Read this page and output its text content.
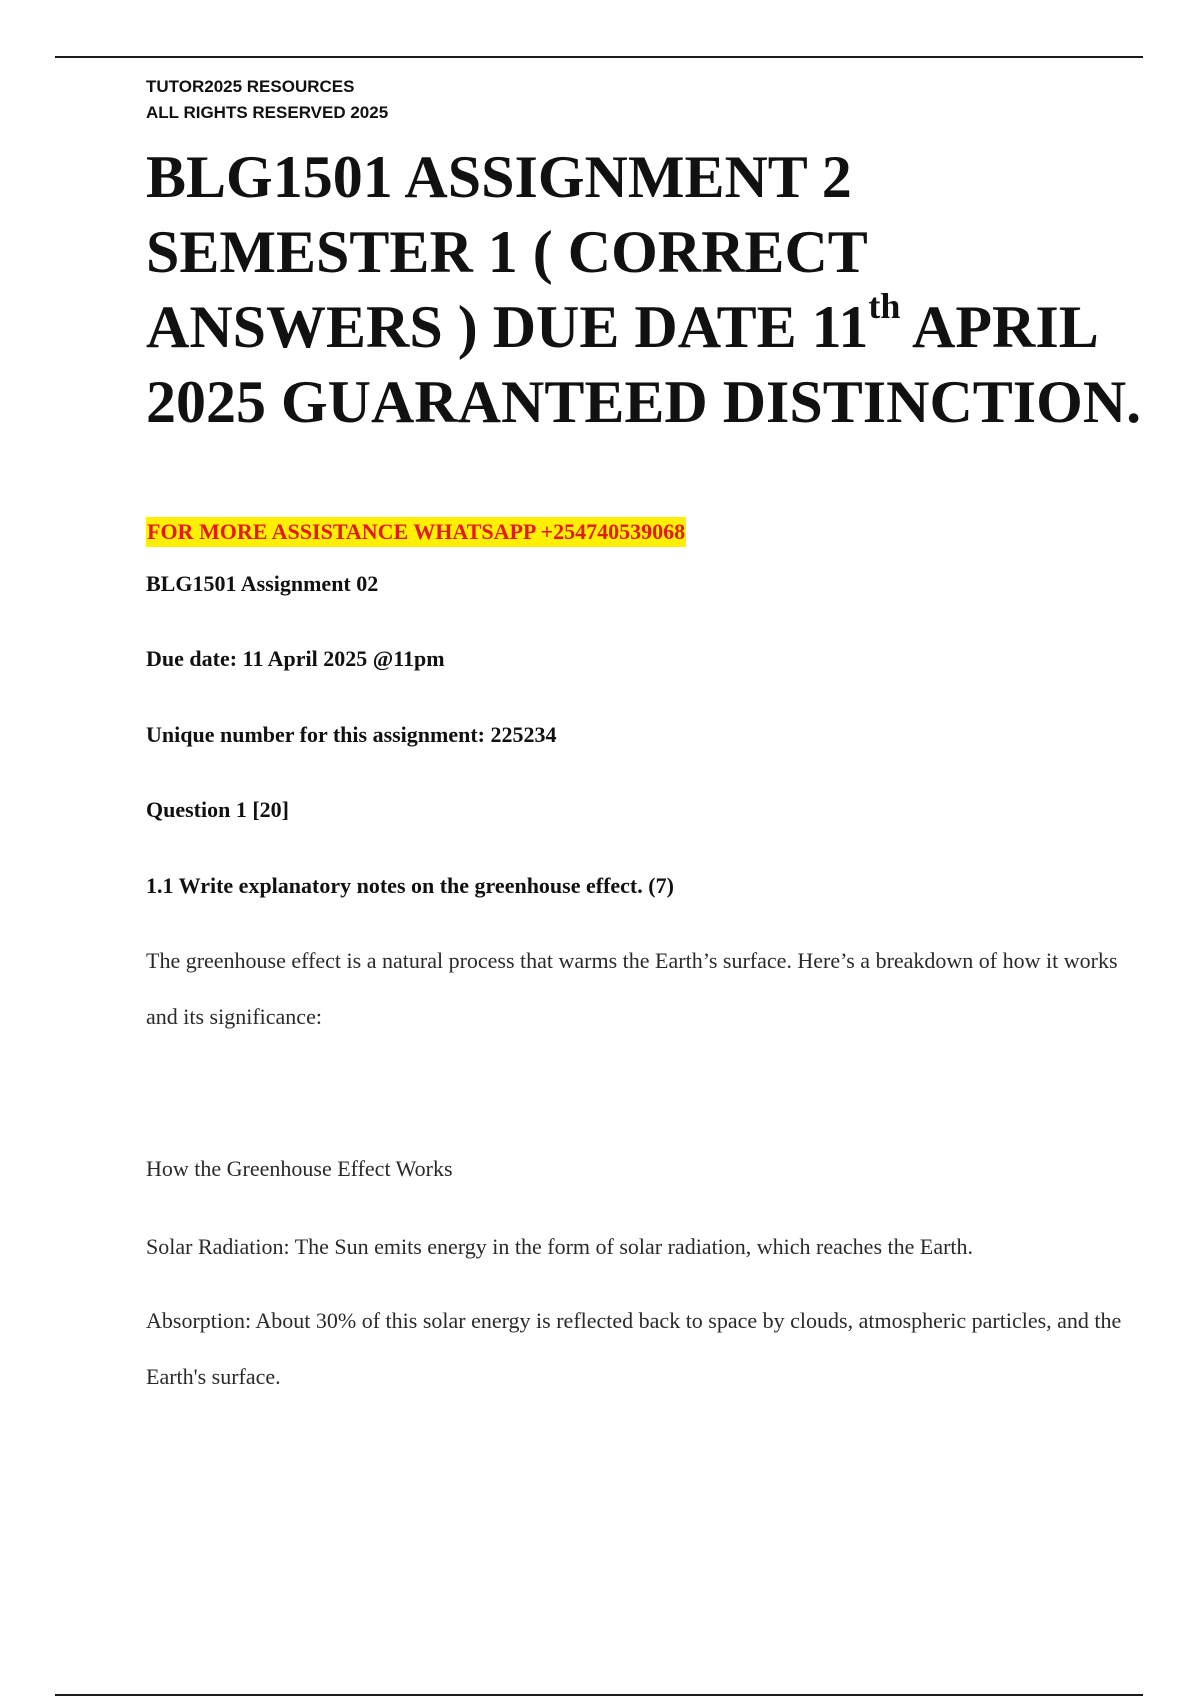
TUTOR2025 RESOURCES
ALL RIGHTS RESERVED 2025
BLG1501 ASSIGNMENT 2 SEMESTER 1 ( CORRECT ANSWERS ) DUE DATE 11th APRIL 2025 GUARANTEED DISTINCTION.
FOR MORE ASSISTANCE WHATSAPP +254740539068
BLG1501 Assignment 02
Due date: 11 April 2025 @11pm
Unique number for this assignment: 225234
Question 1 [20]
1.1 Write explanatory notes on the greenhouse effect. (7)
The greenhouse effect is a natural process that warms the Earth’s surface. Here’s a breakdown of how it works and its significance:
How the Greenhouse Effect Works
Solar Radiation: The Sun emits energy in the form of solar radiation, which reaches the Earth.
Absorption: About 30% of this solar energy is reflected back to space by clouds, atmospheric particles, and the Earth's surface.
